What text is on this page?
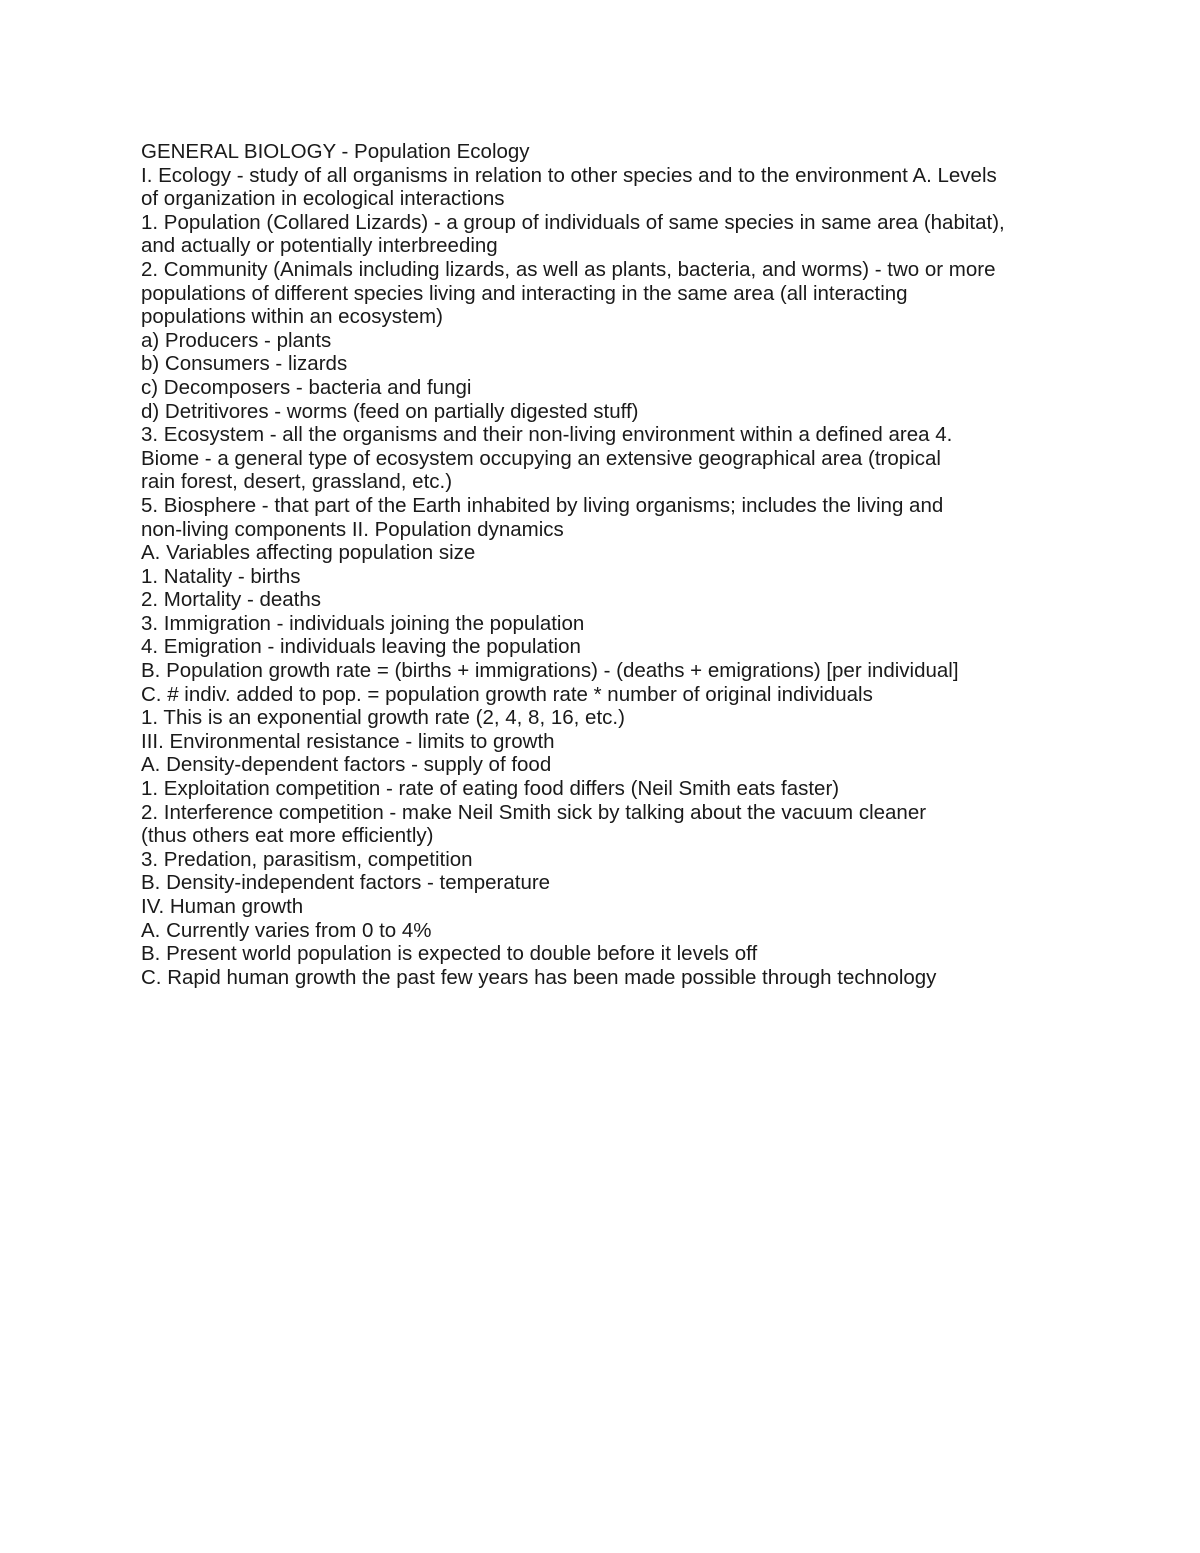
GENERAL BIOLOGY - Population Ecology
I. Ecology - study of all organisms in relation to other species and to the environment A. Levels
of organization in ecological interactions
1. Population (Collared Lizards) - a group of individuals of same species in same area (habitat),
and actually or potentially interbreeding
2. Community (Animals including lizards, as well as plants, bacteria, and worms) - two or more
populations of different species living and interacting in the same area (all interacting
populations within an ecosystem)
a) Producers - plants
b) Consumers - lizards
c) Decomposers - bacteria and fungi
d) Detritivores - worms (feed on partially digested stuff)
3. Ecosystem - all the organisms and their non-living environment within a defined area 4.
Biome - a general type of ecosystem occupying an extensive geographical area (tropical
rain forest, desert, grassland, etc.)
5. Biosphere - that part of the Earth inhabited by living organisms; includes the living and
non-living components II. Population dynamics
A. Variables affecting population size
1. Natality - births
2. Mortality - deaths
3. Immigration - individuals joining the population
4. Emigration - individuals leaving the population
B. Population growth rate = (births + immigrations) - (deaths + emigrations) [per individual]
C. # indiv. added to pop. = population growth rate * number of original individuals
1. This is an exponential growth rate (2, 4, 8, 16, etc.)
III. Environmental resistance - limits to growth
A. Density-dependent factors - supply of food
1. Exploitation competition - rate of eating food differs (Neil Smith eats faster)
2. Interference competition - make Neil Smith sick by talking about the vacuum cleaner
(thus others eat more efficiently)
3. Predation, parasitism, competition
B. Density-independent factors - temperature
IV. Human growth
A. Currently varies from 0 to 4%
B. Present world population is expected to double before it levels off
C. Rapid human growth the past few years has been made possible through technology
